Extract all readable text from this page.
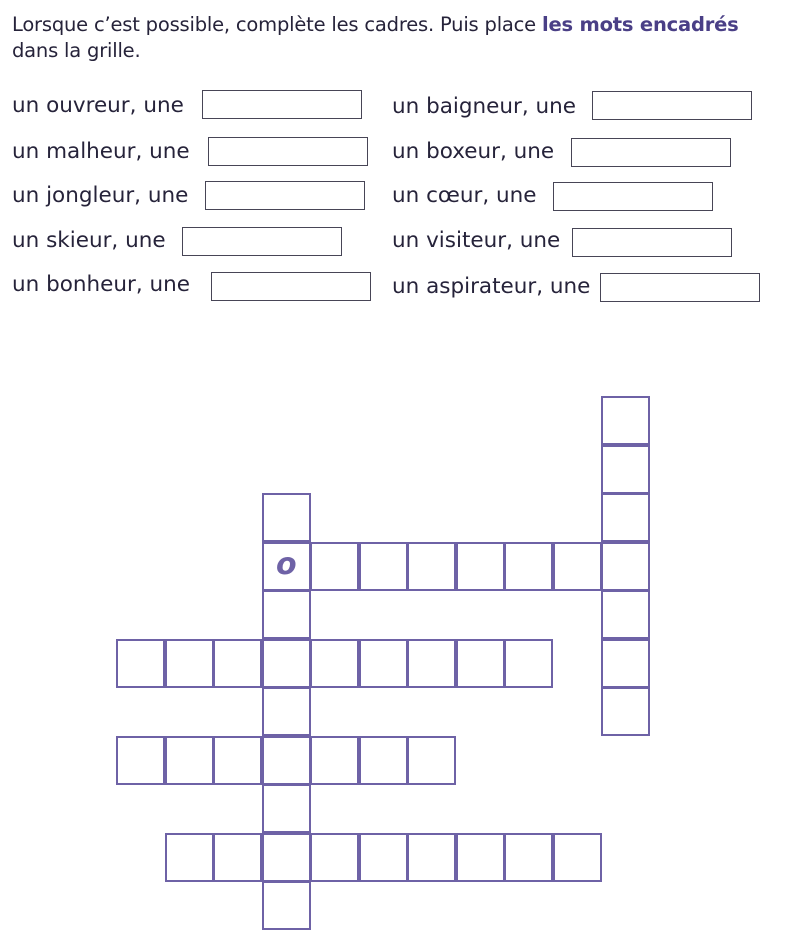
Lorsque c’est possible, complète les cadres. Puis place les mots encadrés
dans la grille.
un ouvreur, une
un malheur, une
un jongleur, une
un skieur, une
un bonheur, une
un baigneur, une
un boxeur, une
un cœur, une
un visiteur, une
un aspirateur, une
o
